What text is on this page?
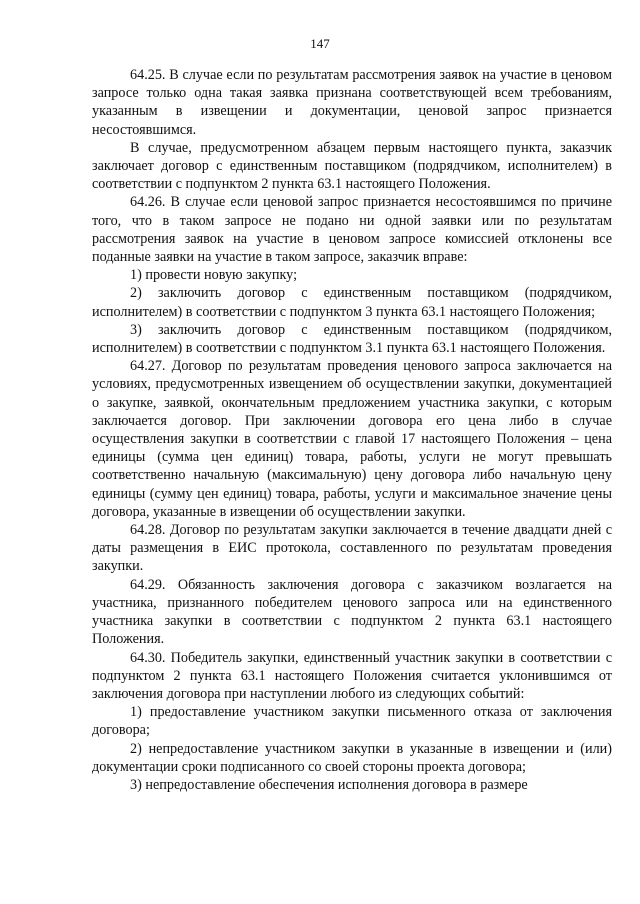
147

64.25. В случае если по результатам рассмотрения заявок на участие в ценовом запросе только одна такая заявка признана соответствующей всем требованиям, указанным в извещении и документации, ценовой запрос признается несостоявшимся.

В случае, предусмотренном абзацем первым настоящего пункта, заказчик заключает договор с единственным поставщиком (подрядчиком, исполнителем) в соответствии с подпунктом 2 пункта 63.1 настоящего Положения.

64.26. В случае если ценовой запрос признается несостоявшимся по причине того, что в таком запросе не подано ни одной заявки или по результатам рассмотрения заявок на участие в ценовом запросе комиссией отклонены все поданные заявки на участие в таком запросе, заказчик вправе:

1) провести новую закупку;

2) заключить договор с единственным поставщиком (подрядчиком, исполнителем) в соответствии с подпунктом 3 пункта 63.1 настоящего Положения;

3) заключить договор с единственным поставщиком (подрядчиком, исполнителем) в соответствии с подпунктом 3.1 пункта 63.1 настоящего Положения.

64.27. Договор по результатам проведения ценового запроса заключается на условиях, предусмотренных извещением об осуществлении закупки, документацией о закупке, заявкой, окончательным предложением участника закупки, с которым заключается договор. При заключении договора его цена либо в случае осуществления закупки в соответствии с главой 17 настоящего Положения – цена единицы (сумма цен единиц) товара, работы, услуги не могут превышать соответственно начальную (максимальную) цену договора либо начальную цену единицы (сумму цен единиц) товара, работы, услуги и максимальное значение цены договора, указанные в извещении об осуществлении закупки.

64.28. Договор по результатам закупки заключается в течение двадцати дней с даты размещения в ЕИС протокола, составленного по результатам проведения закупки.

64.29. Обязанность заключения договора с заказчиком возлагается на участника, признанного победителем ценового запроса или на единственного участника закупки в соответствии с подпунктом 2 пункта 63.1 настоящего Положения.

64.30. Победитель закупки, единственный участник закупки в соответствии с подпунктом 2 пункта 63.1 настоящего Положения считается уклонившимся от заключения договора при наступлении любого из следующих событий:

1) предоставление участником закупки письменного отказа от заключения договора;

2) непредоставление участником закупки в указанные в извещении и (или) документации сроки подписанного со своей стороны проекта договора;

3) непредоставление обеспечения исполнения договора в размере
